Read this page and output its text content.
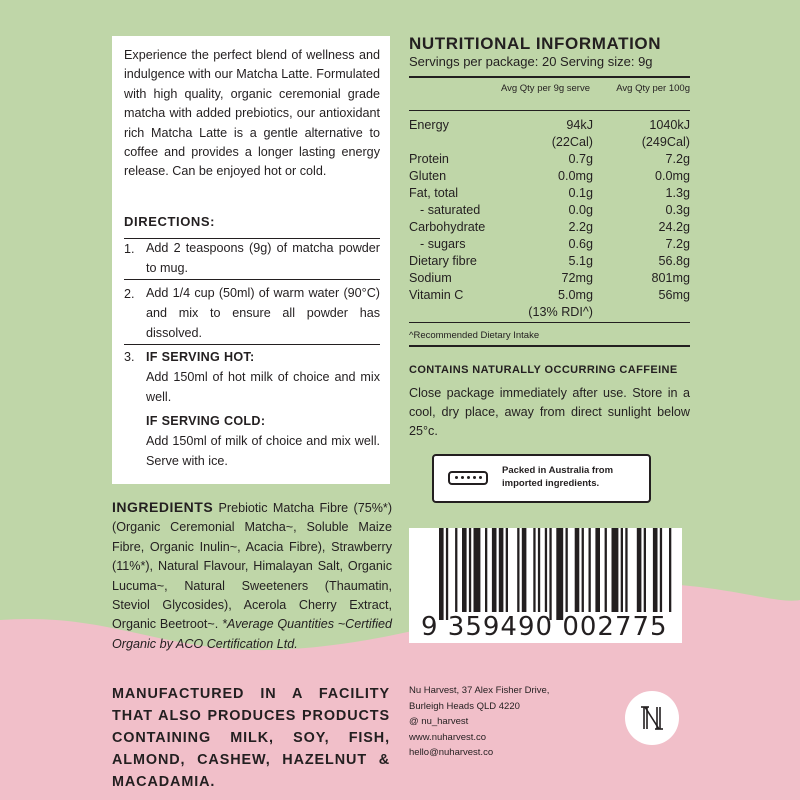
Experience the perfect blend of wellness and indulgence with our Matcha Latte. Formulated with high quality, organic ceremonial grade matcha with added prebiotics, our antioxidant rich Matcha Latte is a gentle alternative to coffee and provides a longer lasting energy release. Can be enjoyed hot or cold.
DIRECTIONS:
1. Add 2 teaspoons (9g) of matcha powder to mug.
2. Add 1/4 cup (50ml) of warm water (90°C) and mix to ensure all powder has dissolved.
3. IF SERVING HOT:
Add 150ml of hot milk of choice and mix well.
IF SERVING COLD:
Add 150ml of milk of choice and mix well. Serve with ice.
NUTRITIONAL INFORMATION
Servings per package: 20 Serving size: 9g
Avg Qty per 9g serve	Avg Qty per 100g
Energy	94kJ	1040kJ
(22Cal)	(249Cal)
Protein	0.7g	7.2g
Gluten	0.0mg	0.0mg
Fat, total	0.1g	1.3g
- saturated	0.0g	0.3g
Carbohydrate	2.2g	24.2g
- sugars	0.6g	7.2g
Dietary fibre	5.1g	56.8g
Sodium	72mg	801mg
Vitamin C	5.0mg	56mg
(13% RDI^)
^Recommended Dietary Intake
CONTAINS NATURALLY OCCURRING CAFFEINE
Close package immediately after use. Store in a cool, dry place, away from direct sunlight below 25°c.
Packed in Australia from imported ingredients.
9 359490 002775
INGREDIENTS Prebiotic Matcha Fibre (75%*) (Organic Ceremonial Matcha~, Soluble Maize Fibre, Organic Inulin~, Acacia Fibre), Strawberry (11%*), Natural Flavour, Himalayan Salt, Organic Lucuma~, Natural Sweeteners (Thaumatin, Steviol Glycosides), Acerola Cherry Extract, Organic Beetroot~. *Average Quantities ~Certified Organic by ACO Certification Ltd.
MANUFACTURED IN A FACILITY THAT ALSO PRODUCES PRODUCTS CONTAINING MILK, SOY, FISH, ALMOND, CASHEW, HAZELNUT & MACADAMIA.
Nu Harvest, 37 Alex Fisher Drive,
Burleigh Heads QLD 4220
@ nu_harvest
www.nuharvest.co
hello@nuharvest.co
